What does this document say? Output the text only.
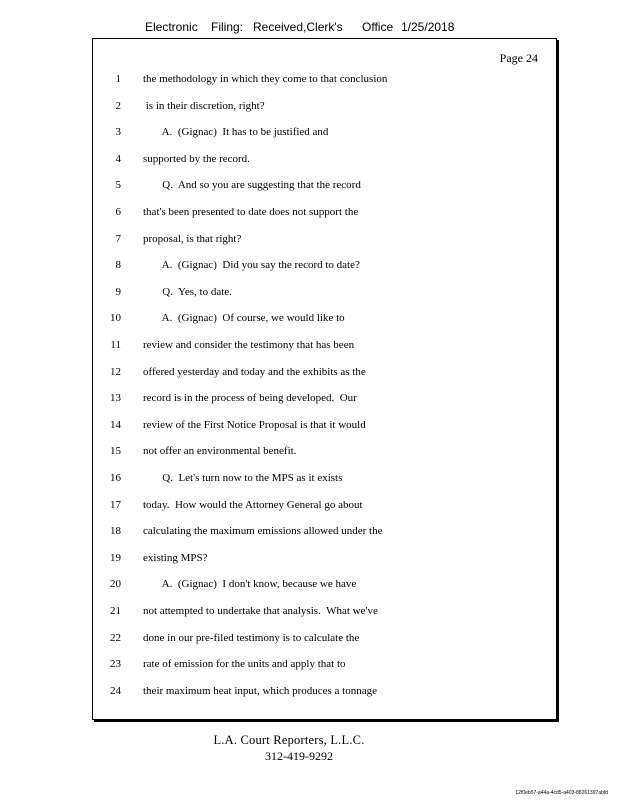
Electronic Filing: Received,Clerk's Office 1/25/2018
Page 24
1 the methodology in which they come to that conclusion
2 is in their discretion, right?
3 A.  (Gignac)  It has to be justified and
4 supported by the record.
5 Q.  And so you are suggesting that the record
6 that's been presented to date does not support the
7 proposal, is that right?
8 A.  (Gignac)  Did you say the record to date?
9 Q.  Yes, to date.
10 A.  (Gignac)  Of course, we would like to
11 review and consider the testimony that has been
12 offered yesterday and today and the exhibits as the
13 record is in the process of being developed.  Our
14 review of the First Notice Proposal is that it would
15 not offer an environmental benefit.
16 Q.  Let's turn now to the MPS as it exists
17 today.  How would the Attorney General go about
18 calculating the maximum emissions allowed under the
19 existing MPS?
20 A.  (Gignac)  I don't know, because we have
21 not attempted to undertake that analysis.  What we've
22 done in our pre-filed testimony is to calculate the
23 rate of emission for the units and apply that to
24 their maximum heat input, which produces a tonnage
L.A. Court Reporters, L.L.C.
312-419-9292
12f0eb57-a44a-4cd5-a403-88261397abfd
